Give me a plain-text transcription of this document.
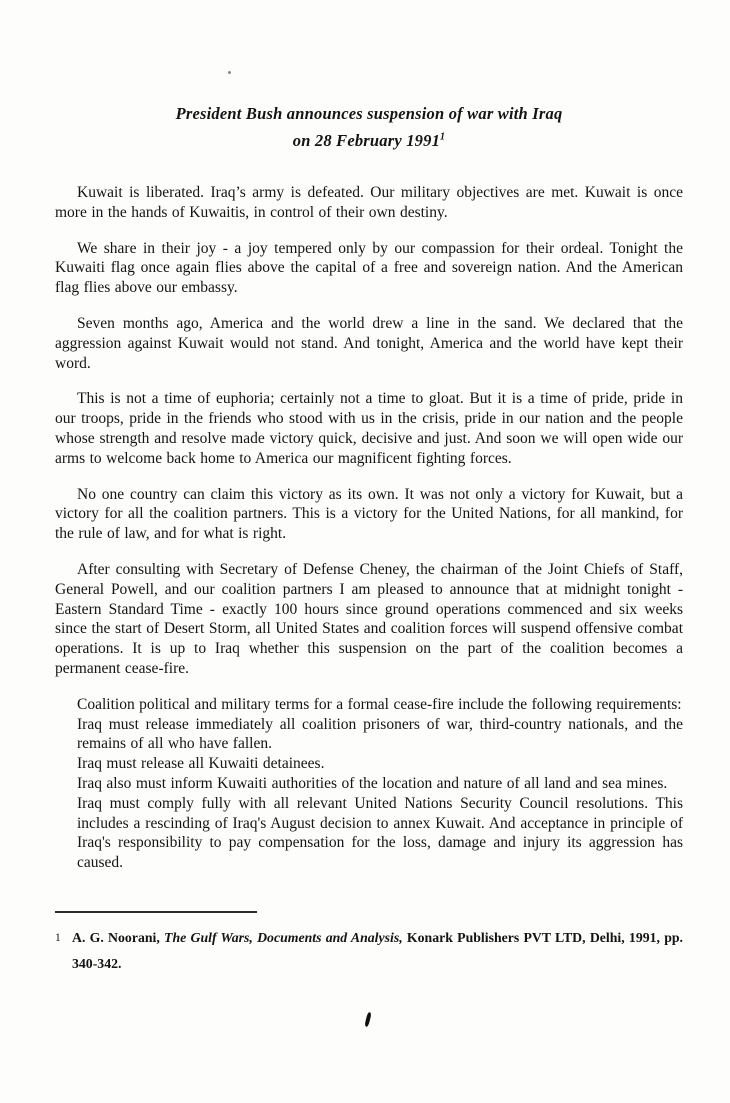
President Bush announces suspension of war with Iraq
on 28 February 1991$^1$

Kuwait is liberated. Iraq’s army is defeated. Our military objectives are met. Kuwait is once more in the hands of Kuwaitis, in control of their own destiny.

We share in their joy - a joy tempered only by our compassion for their ordeal. Tonight the Kuwaiti flag once again flies above the capital of a free and sovereign nation. And the American flag flies above our embassy.

Seven months ago, America and the world drew a line in the sand. We declared that the aggression against Kuwait would not stand. And tonight, America and the world have kept their word.

This is not a time of euphoria; certainly not a time to gloat. But it is a time of pride, pride in our troops, pride in the friends who stood with us in the crisis, pride in our nation and the people whose strength and resolve made victory quick, decisive and just. And soon we will open wide our arms to welcome back home to America our magnificent fighting forces.

No one country can claim this victory as its own. It was not only a victory for Kuwait, but a victory for all the coalition partners. This is a victory for the United Nations, for all mankind, for the rule of law, and for what is right.

After consulting with Secretary of Defense Cheney, the chairman of the Joint Chiefs of Staff, General Powell, and our coalition partners I am pleased to announce that at midnight tonight - Eastern Standard Time - exactly 100 hours since ground operations commenced and six weeks since the start of Desert Storm, all United States and coalition forces will suspend offensive combat operations. It is up to Iraq whether this suspension on the part of the coalition becomes a permanent cease-fire.

Coalition political and military terms for a formal cease-fire include the following requirements:

Iraq must release immediately all coalition prisoners of war, third-country nationals, and the remains of all who have fallen.

Iraq must release all Kuwaiti detainees.

Iraq also must inform Kuwaiti authorities of the location and nature of all land and sea mines.

Iraq must comply fully with all relevant United Nations Security Council resolutions. This includes a rescinding of Iraq's August decision to annex Kuwait. And acceptance in principle of Iraq's responsibility to pay compensation for the loss, damage and injury its aggression has caused.

1 A. G. Noorani, The Gulf Wars, Documents and Analysis, Konark Publishers PVT LTD, Delhi, 1991, pp. 340-342.
